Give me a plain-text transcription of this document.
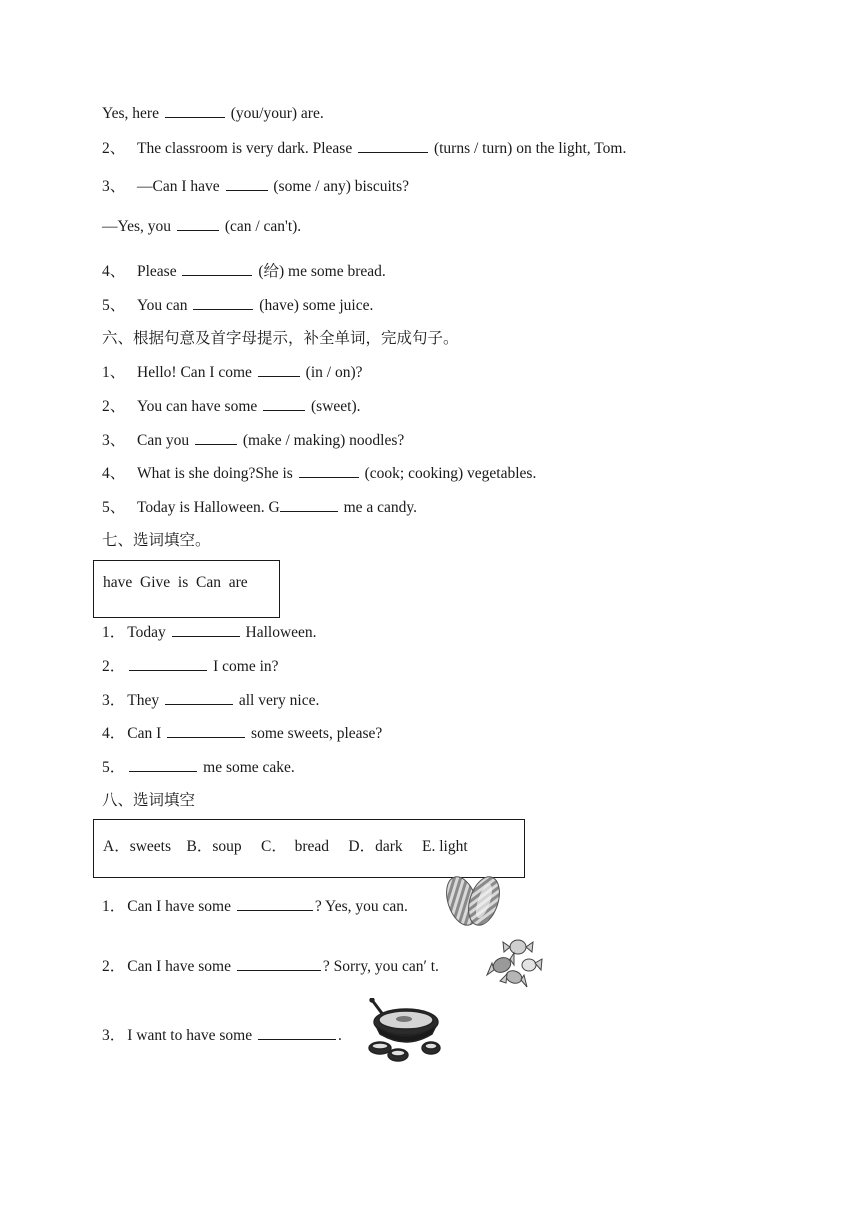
Yes, here	(you/your) are.
2、 The classroom is very dark. Please	(turns / turn) on the light, Tom.
3、 —Can I have	(some / any) biscuits?
—Yes, you	(can / can't).
4、 Please	(给) me some bread.
5、 You can	(have) some juice.
六、根据句意及首字母提示，补全单词，完成句子。
1、 Hello! Can I come	(in / on)?
2、 You can have some	(sweet).
3、 Can you	(make / making) noodles?
4、 What is she doing?She is	(cook; cooking) vegetables.
5、 Today is Halloween. G	me a candy.
七、选词填空。
have  Give  is  Can  are
1． Today	Halloween.
2．	I come in?
3． They	all very nice.
4． Can I	some sweets, please?
5．	me some cake.
八、选词填空
A．sweets    B．soup     C．  bread     D．dark     E. light
1． Can I have some	? Yes, you can.
2． Can I have some	? Sorry, you can′ t.
3． I want to have some	.
